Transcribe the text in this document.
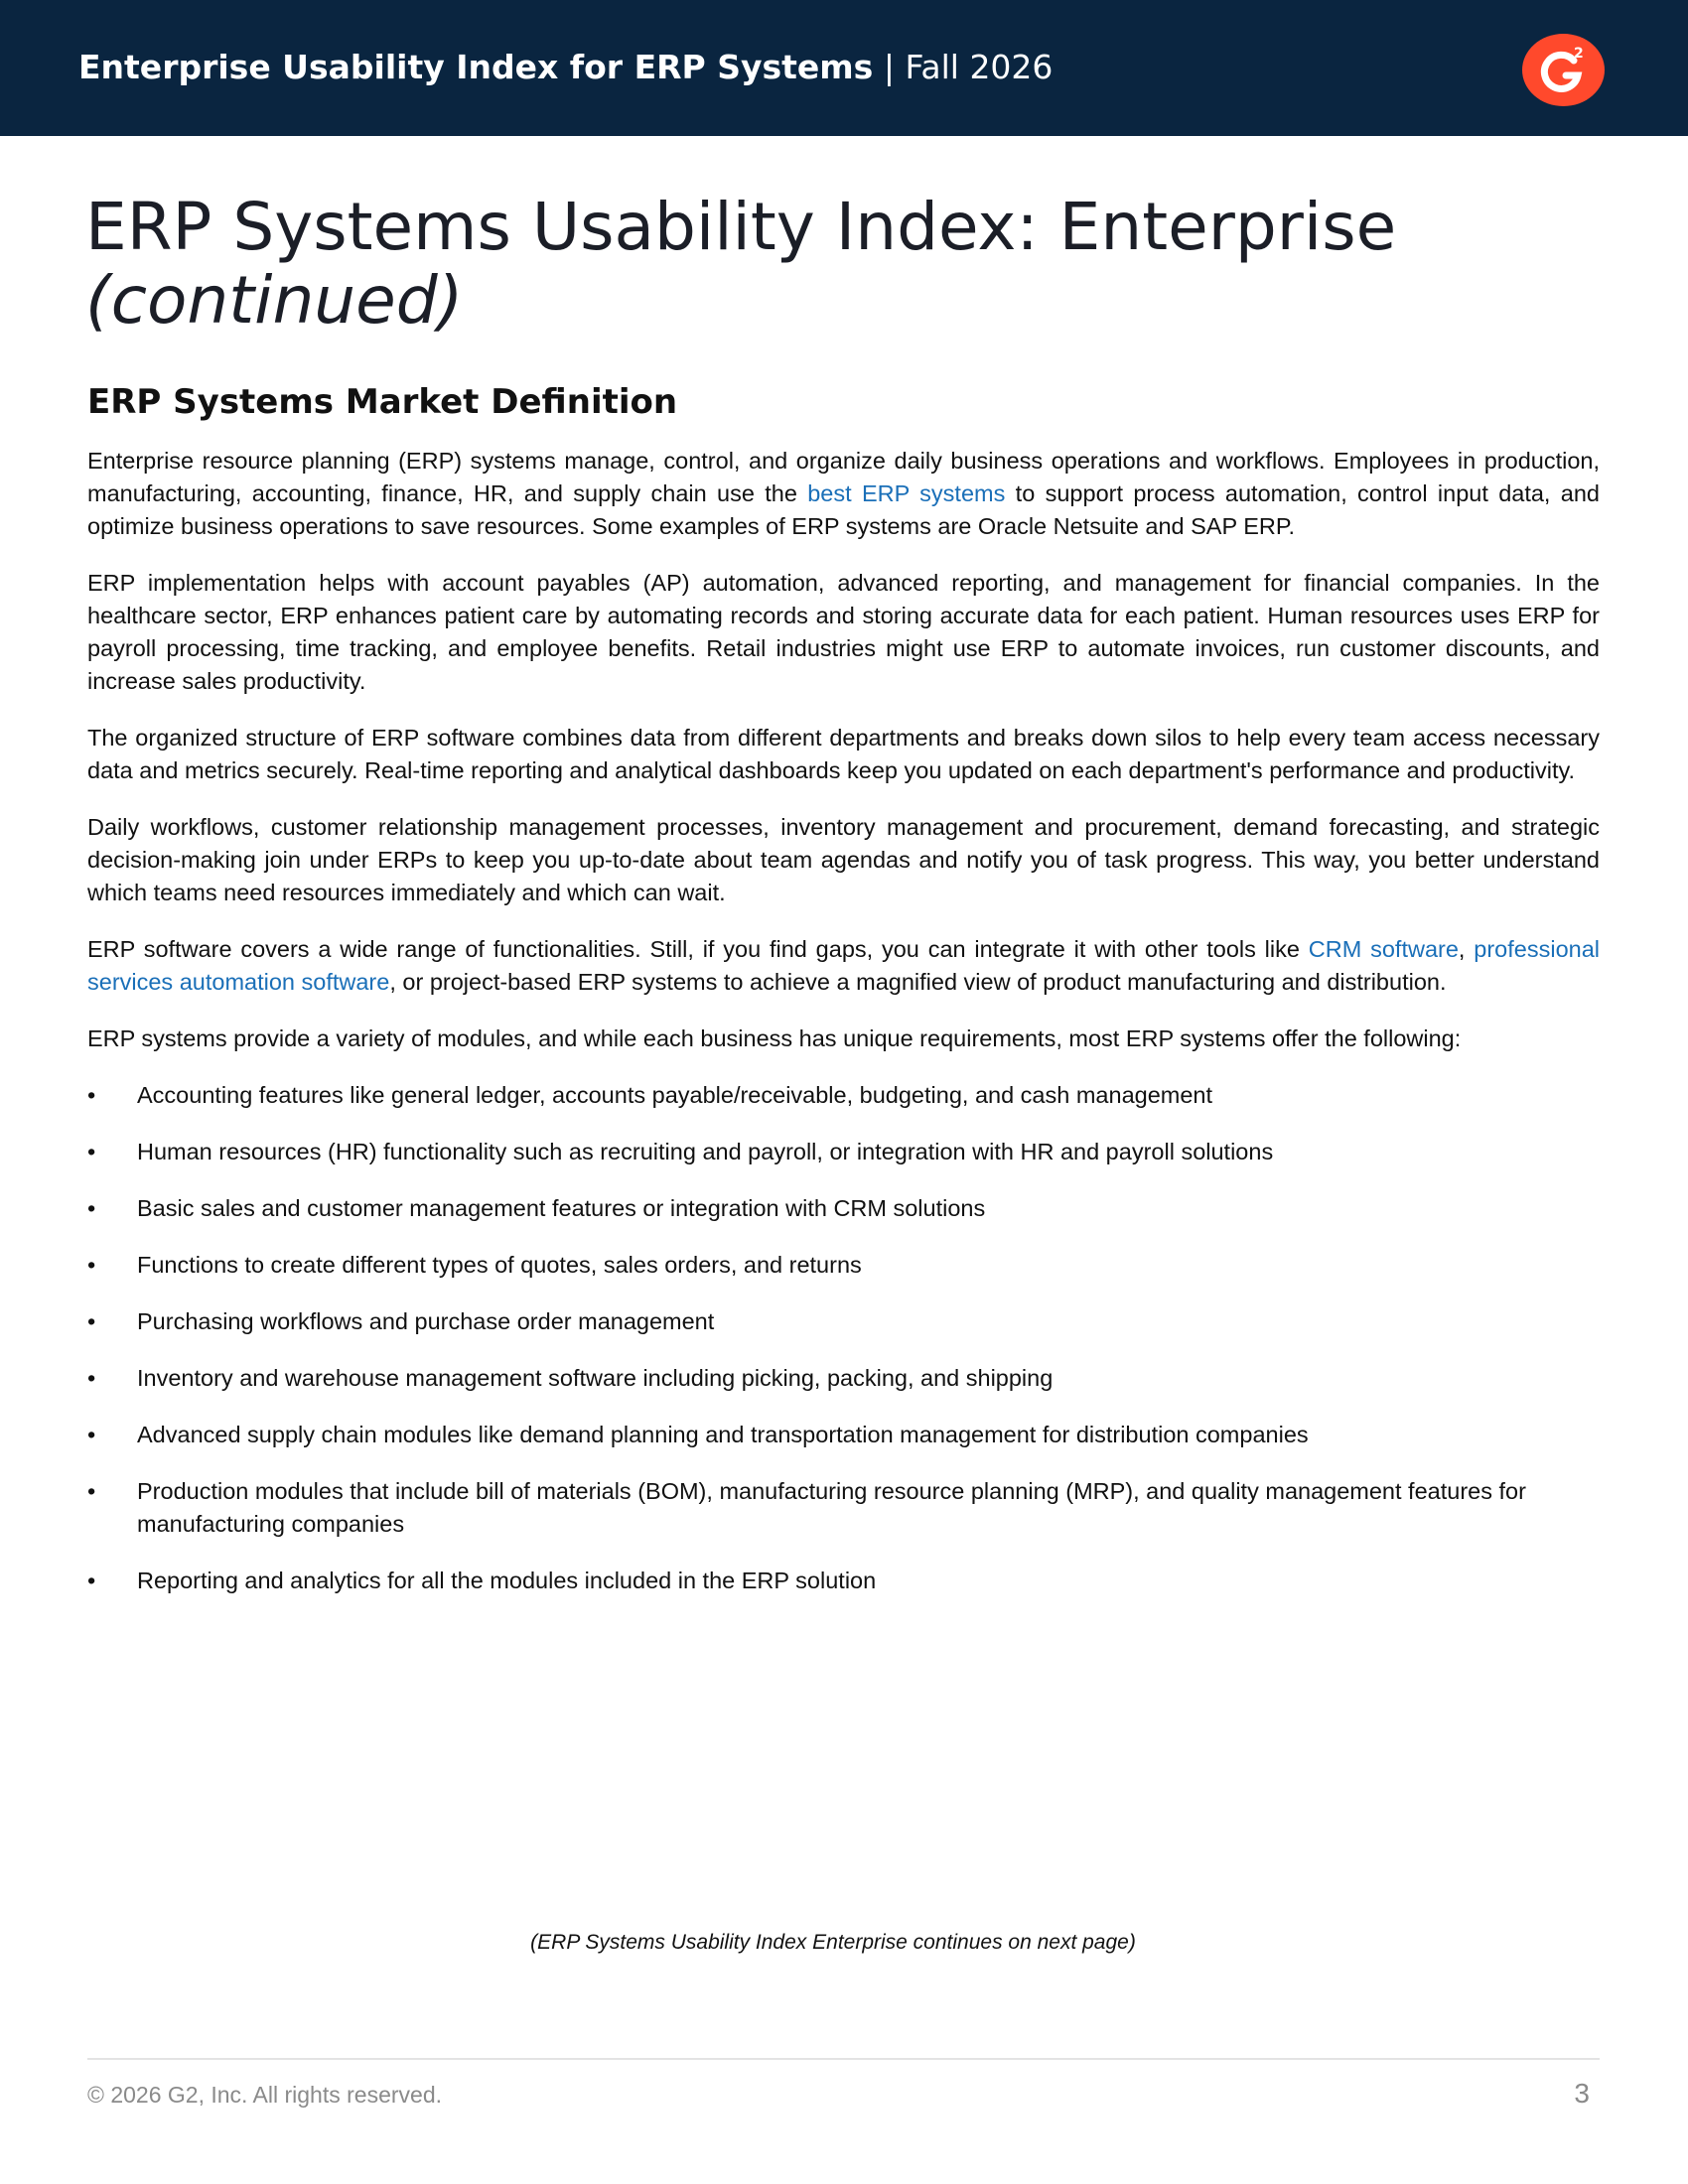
Enterprise Usability Index for ERP Systems | Fall 2026	2
ERP Systems Usability Index: Enterprise
(continued)
ERP Systems Market Definition

Enterprise resource planning (ERP) systems manage, control, and organize daily business operations and workflows. Employees in production, manufacturing, accounting, finance, HR, and supply chain use the best ERP systems to support process automation, control input data, and optimize business operations to save resources. Some examples of ERP systems are Oracle Netsuite and SAP ERP.

ERP implementation helps with account payables (AP) automation, advanced reporting, and management for financial companies. In the healthcare sector, ERP enhances patient care by automating records and storing accurate data for each patient. Human resources uses ERP for payroll processing, time tracking, and employee benefits. Retail industries might use ERP to automate invoices, run customer discounts, and increase sales productivity.

The organized structure of ERP software combines data from different departments and breaks down silos to help every team access necessary data and metrics securely. Real-time reporting and analytical dashboards keep you updated on each department's performance and productivity.

Daily workflows, customer relationship management processes, inventory management and procurement, demand forecasting, and strategic decision-making join under ERPs to keep you up-to-date about team agendas and notify you of task progress. This way, you better understand which teams need resources immediately and which can wait.

ERP software covers a wide range of functionalities. Still, if you find gaps, you can integrate it with other tools like CRM software, professional services automation software, or project-based ERP systems to achieve a magnified view of product manufacturing and distribution.

ERP systems provide a variety of modules, and while each business has unique requirements, most ERP systems offer the following:

•	Accounting features like general ledger, accounts payable/receivable, budgeting, and cash management
•	Human resources (HR) functionality such as recruiting and payroll, or integration with HR and payroll solutions
•	Basic sales and customer management features or integration with CRM solutions
•	Functions to create different types of quotes, sales orders, and returns
•	Purchasing workflows and purchase order management
•	Inventory and warehouse management software including picking, packing, and shipping
•	Advanced supply chain modules like demand planning and transportation management for distribution companies
•	Production modules that include bill of materials (BOM), manufacturing resource planning (MRP), and quality management features for manufacturing companies
•	Reporting and analytics for all the modules included in the ERP solution
(ERP Systems Usability Index Enterprise continues on next page)
© 2026 G2, Inc. All rights reserved.	3
